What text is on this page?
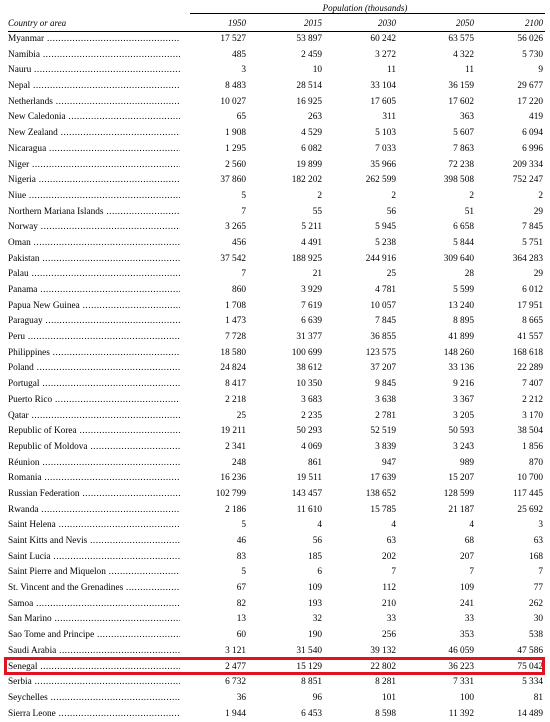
Population (thousands)
Country or area	1950	2015	2030	2050	2100
Myanmar .....	17 527	53 897	60 242	63 575	56 026
Namibia .....	485	2 459	3 272	4 322	5 730
Nauru .....	3	10	11	11	9
Nepal .....	8 483	28 514	33 104	36 159	29 677
Netherlands .....	10 027	16 925	17 605	17 602	17 220
New Caledonia .....	65	263	311	363	419
New Zealand .....	1 908	4 529	5 103	5 607	6 094
Nicaragua .....	1 295	6 082	7 033	7 863	6 996
Niger .....	2 560	19 899	35 966	72 238	209 334
Nigeria .....	37 860	182 202	262 599	398 508	752 247
Niue .....	5	2	2	2	2
Northern Mariana Islands .....	7	55	56	51	29
Norway .....	3 265	5 211	5 945	6 658	7 845
Oman .....	456	4 491	5 238	5 844	5 751
Pakistan .....	37 542	188 925	244 916	309 640	364 283
Palau .....	7	21	25	28	29
Panama .....	860	3 929	4 781	5 599	6 012
Papua New Guinea .....	1 708	7 619	10 057	13 240	17 951
Paraguay .....	1 473	6 639	7 845	8 895	8 665
Peru .....	7 728	31 377	36 855	41 899	41 557
Philippines .....	18 580	100 699	123 575	148 260	168 618
Poland .....	24 824	38 612	37 207	33 136	22 289
Portugal .....	8 417	10 350	9 845	9 216	7 407
Puerto Rico .....	2 218	3 683	3 638	3 367	2 212
Qatar .....	25	2 235	2 781	3 205	3 170
Republic of Korea .....	19 211	50 293	52 519	50 593	38 504
Republic of Moldova .....	2 341	4 069	3 839	3 243	1 856
Réunion .....	248	861	947	989	870
Romania .....	16 236	19 511	17 639	15 207	10 700
Russian Federation .....	102 799	143 457	138 652	128 599	117 445
Rwanda .....	2 186	11 610	15 785	21 187	25 692
Saint Helena .....	5	4	4	4	3
Saint Kitts and Nevis .....	46	56	63	68	63
Saint Lucia .....	83	185	202	207	168
Saint Pierre and Miquelon .....	5	6	7	7	7
St. Vincent and the Grenadines .....	67	109	112	109	77
Samoa .....	82	193	210	241	262
San Marino .....	13	32	33	33	30
Sao Tome and Principe .....	60	190	256	353	538
Saudi Arabia .....	3 121	31 540	39 132	46 059	47 586
Senegal .....	2 477	15 129	22 802	36 223	75 042
Serbia .....	6 732	8 851	8 281	7 331	5 334
Seychelles .....	36	96	101	100	81
Sierra Leone .....	1 944	6 453	8 598	11 392	14 489
